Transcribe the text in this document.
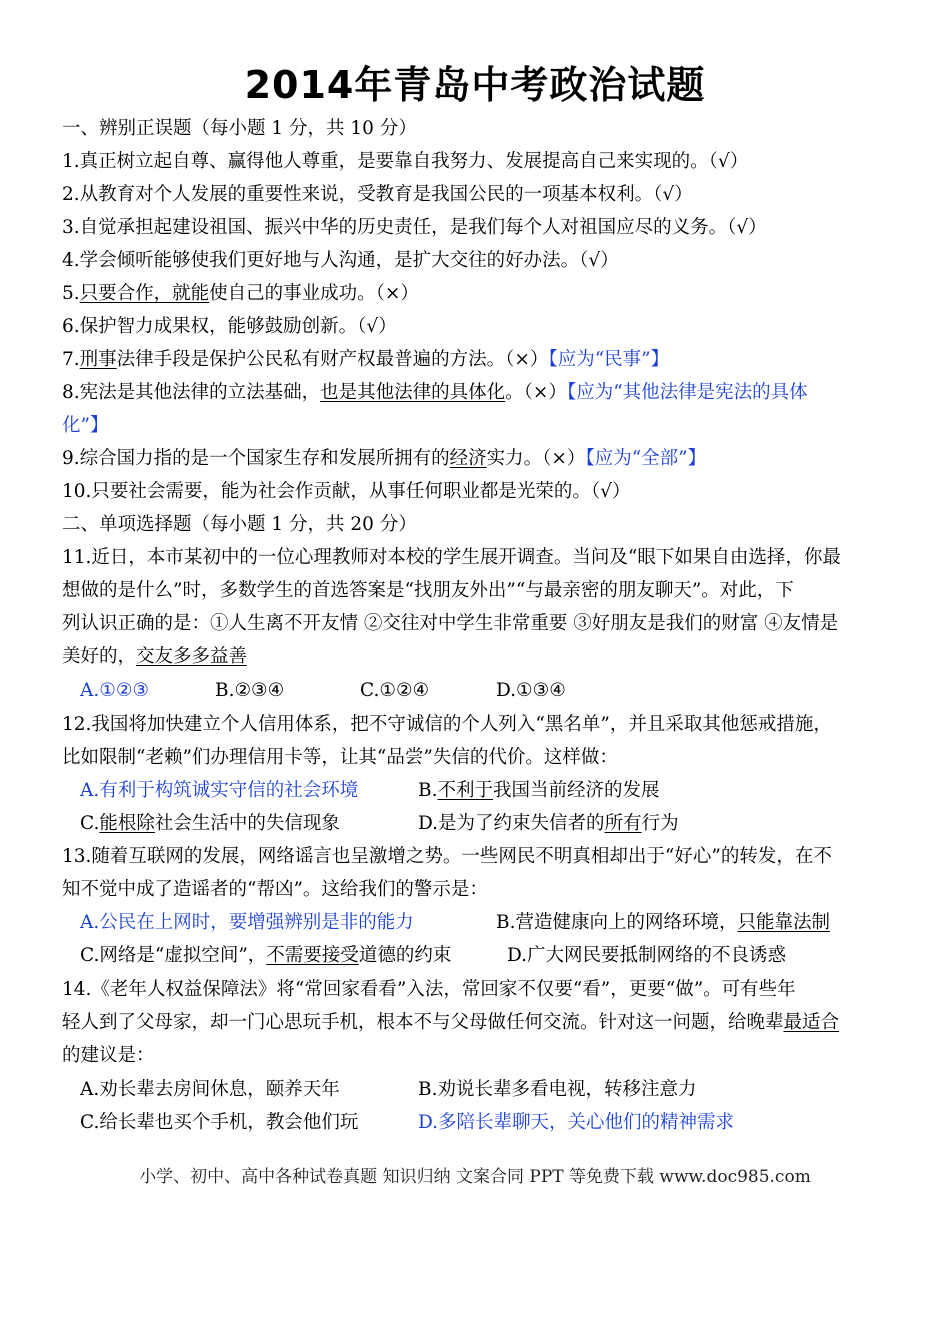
2014年青岛中考政治试题
一、辨别正误题（每小题 1 分，共 10 分）
1.真正树立起自尊、赢得他人尊重，是要靠自我努力、发展提高自己来实现的。（√）
2.从教育对个人发展的重要性来说，受教育是我国公民的一项基本权利。（√）
3.自觉承担起建设祖国、振兴中华的历史责任，是我们每个人对祖国应尽的义务。（√）
4.学会倾听能够使我们更好地与人沟通，是扩大交往的好办法。（√）
5.只要合作，就能使自己的事业成功。（×）
6.保护智力成果权，能够鼓励创新。（√）
7.刑事法律手段是保护公民私有财产权最普遍的方法。（×）【应为“民事”】
8.宪法是其他法律的立法基础，也是其他法律的具体化。（×）【应为“其他法律是宪法的具体
化”】
9.综合国力指的是一个国家生存和发展所拥有的经济实力。（×）【应为“全部”】
10.只要社会需要，能为社会作贡献，从事任何职业都是光荣的。（√）
二、单项选择题（每小题 1 分，共 20 分）
11.近日，本市某初中的一位心理教师对本校的学生展开调查。当问及“眼下如果自由选择，你最
想做的是什么”时，多数学生的首选答案是“找朋友外出”“与最亲密的朋友聊天”。对此，下
列认识正确的是：①人生离不开友情 ②交往对中学生非常重要 ③好朋友是我们的财富 ④友情是
美好的，交友多多益善
A.①②③	B.②③④	C.①②④	D.①③④
12.我国将加快建立个人信用体系，把不守诚信的个人列入“黑名单”，并且采取其他惩戒措施，
比如限制“老赖”们办理信用卡等，让其“品尝”失信的代价。这样做：
A.有利于构筑诚实守信的社会环境	B.不利于我国当前经济的发展
C.能根除社会生活中的失信现象	D.是为了约束失信者的所有行为
13.随着互联网的发展，网络谣言也呈激增之势。一些网民不明真相却出于“好心”的转发，在不
知不觉中成了造谣者的“帮凶”。这给我们的警示是：
A.公民在上网时，要增强辨别是非的能力	B.营造健康向上的网络环境，只能靠法制
C.网络是“虚拟空间”，不需要接受道德的约束	D.广大网民要抵制网络的不良诱惑
14.《老年人权益保障法》将“常回家看看”入法，常回家不仅要“看”，更要“做”。可有些年
轻人到了父母家，却一门心思玩手机，根本不与父母做任何交流。针对这一问题，给晚辈最适合
的建议是：
A.劝长辈去房间休息，颐养天年	B.劝说长辈多看电视，转移注意力
C.给长辈也买个手机，教会他们玩	D.多陪长辈聊天，关心他们的精神需求
小学、初中、高中各种试卷真题 知识归纳 文案合同 PPT 等免费下载 www.doc985.com
